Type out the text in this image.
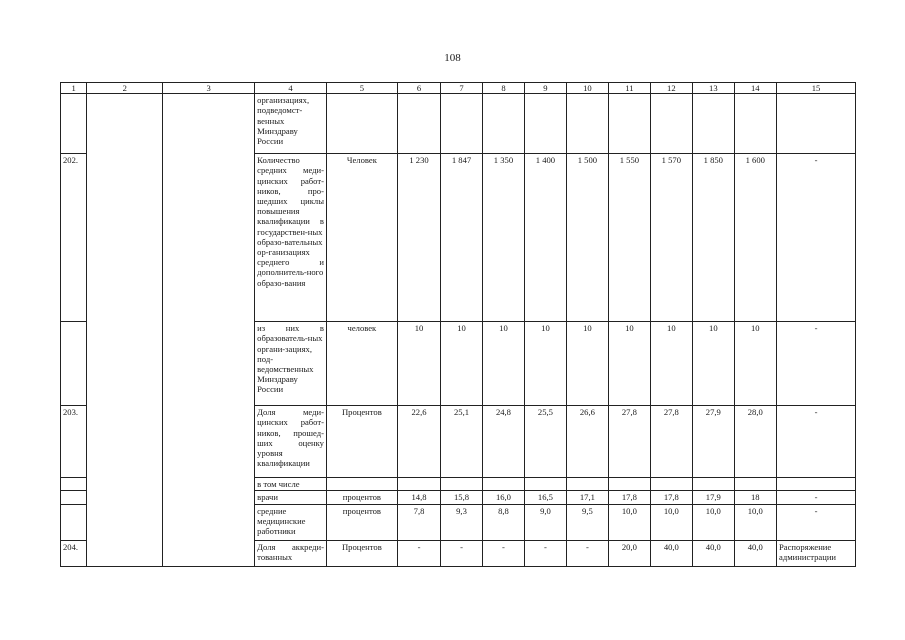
108
1	2	3	4	5	6	7	8	9	10	11	12	13	14	15
			организациях, подведомст-венных Минздраву России											
202.			Количество средних меди-цинских работ-ников, про-шедших циклы повышения квалификации в государствен-ных образо-вательных ор-ганизациях среднего и дополнитель-ного образо-вания	Человек	1 230	1 847	1 350	1 400	1 500	1 550	1 570	1 850	1 600	-
			из них в образователь-ных органи-зациях, под-ведомственных Минздраву России	человек	10	10	10	10	10	10	10	10	10	-
203.			Доля меди-цинских работ-ников, прошед-ших оценку уровня квалификации	Процентов	22,6	25,1	24,8	25,5	26,6	27,8	27,8	27,9	28,0	-
			в том числе											
			врачи	процентов	14,8	15,8	16,0	16,5	17,1	17,8	17,8	17,9	18	-
			средние медицинские работники	процентов	7,8	9,3	8,8	9,0	9,5	10,0	10,0	10,0	10,0	-
204.			Доля аккреди-тованных	Процентов	-	-	-	-	-	20,0	40,0	40,0	40,0	Распоряжение администрации
